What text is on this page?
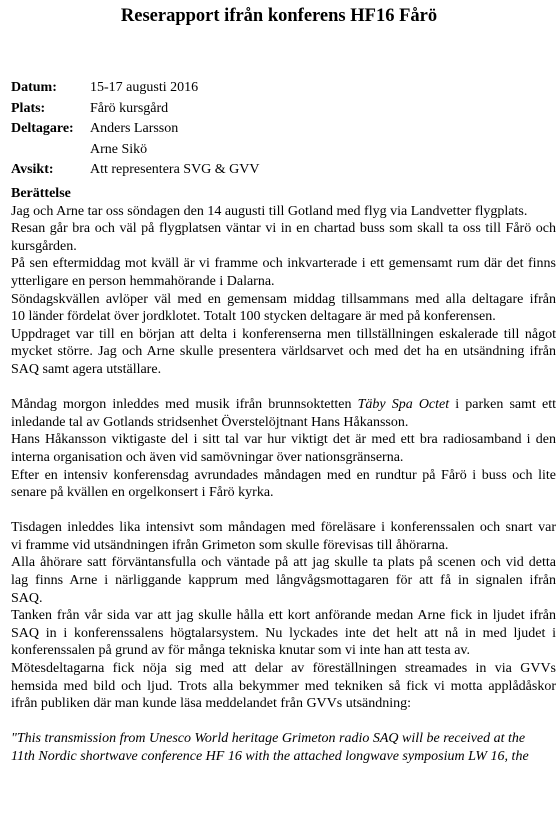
Reserapport ifrån konferens HF16 Fårö
Datum:	15-17 augusti 2016
Plats:	Fårö kursgård
Deltagare:	Anders Larsson
Arne Sikö
Avsikt:	Att representera SVG & GVV
Berättelse
Jag och Arne tar oss söndagen den 14 augusti till Gotland med flyg via Landvetter flygplats.
Resan går bra och väl på flygplatsen väntar vi in en chartad buss som skall ta oss till Fårö och
kursgården.
På sen eftermiddag mot kväll är vi framme och inkvarterade i ett gemensamt rum där det finns
ytterligare en person hemmahörande i Dalarna.
Söndagskvällen avlöper väl med en gemensam middag tillsammans med alla deltagare ifrån
10 länder fördelat över jordklotet. Totalt 100 stycken deltagare är med på konferensen.
Uppdraget var till en början att delta i konferenserna men tillställningen eskalerade till något
mycket större. Jag och Arne skulle presentera världsarvet och med det ha en utsändning ifrån
SAQ samt agera utställare.
Måndag morgon inleddes med musik ifrån brunnsoktetten Täby Spa Octet i parken samt ett
inledande tal av Gotlands stridsenhet Överstelöjtnant Hans Håkansson.
Hans Håkansson viktigaste del i sitt tal var hur viktigt det är med ett bra radiosamband i den
interna organisation och även vid samövningar över nationsgränserna.
Efter en intensiv konferensdag avrundades måndagen med en rundtur på Fårö i buss och lite
senare på kvällen en orgelkonsert i Fårö kyrka.
Tisdagen inleddes lika intensivt som måndagen med föreläsare i konferenssalen och snart var
vi framme vid utsändningen ifrån Grimeton som skulle förevisas till åhörarna.
Alla åhörare satt förväntansfulla och väntade på att jag skulle ta plats på scenen och vid detta
lag finns Arne i närliggande kapprum med långvågsmottagaren för att få in signalen ifrån
SAQ.
Tanken från vår sida var att jag skulle hålla ett kort anförande medan Arne fick in ljudet ifrån
SAQ in i konferenssalens högtalarsystem. Nu lyckades inte det helt att nå in med ljudet i
konferenssalen på grund av för många tekniska knutar som vi inte han att testa av.
Mötesdeltagarna fick nöja sig med att delar av föreställningen streamades in via GVVs
hemsida med bild och ljud. Trots alla bekymmer med tekniken så fick vi motta applådåskor
ifrån publiken där man kunde läsa meddelandet från GVVs utsändning:
"This transmission from Unesco World heritage Grimeton radio SAQ will be received at the
11th Nordic shortwave conference HF 16 with the attached longwave symposium LW 16, the
